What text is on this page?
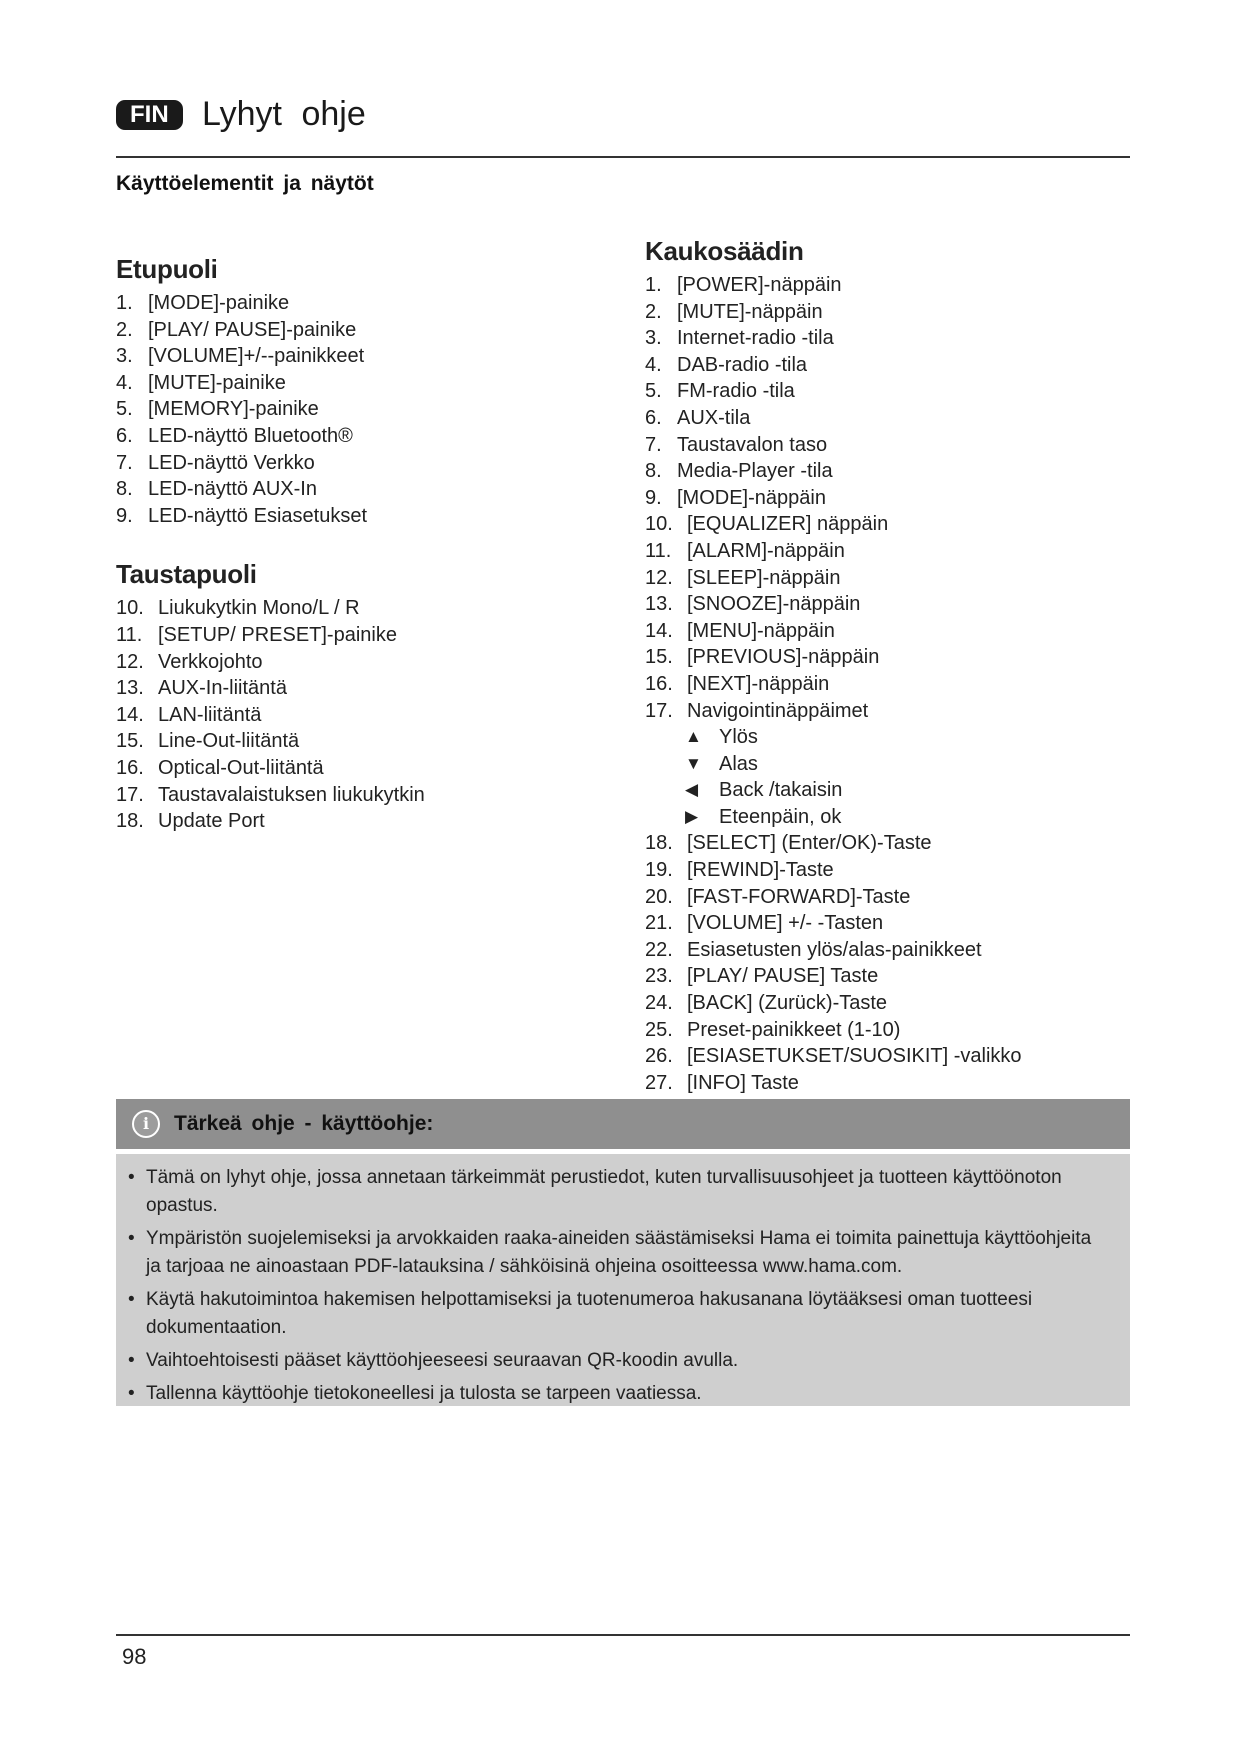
FIN Lyhyt ohje
Käyttöelementit ja näytöt
Etupuoli
1. [MODE]-painike
2. [PLAY/ PAUSE]-painike
3. [VOLUME]+/--painikkeet
4. [MUTE]-painike
5. [MEMORY]-painike
6. LED-näyttö Bluetooth®
7. LED-näyttö Verkko
8. LED-näyttö AUX-In
9. LED-näyttö Esiasetukset
Taustapuoli
10. Liukukytkin Mono/L / R
11. [SETUP/ PRESET]-painike
12. Verkkojohto
13. AUX-In-liitäntä
14. LAN-liitäntä
15. Line-Out-liitäntä
16. Optical-Out-liitäntä
17. Taustavalaistuksen liukukytkin
18. Update Port
Kaukosäädin
1. [POWER]-näppäin
2. [MUTE]-näppäin
3. Internet-radio -tila
4. DAB-radio -tila
5. FM-radio -tila
6. AUX-tila
7. Taustavalon taso
8. Media-Player -tila
9. [MODE]-näppäin
10. [EQUALIZER] näppäin
11. [ALARM]-näppäin
12. [SLEEP]-näppäin
13. [SNOOZE]-näppäin
14. [MENU]-näppäin
15. [PREVIOUS]-näppäin
16. [NEXT]-näppäin
17. Navigointinäppäimet
▲ Ylös
▼ Alas
◀	Back /takaisin
▶	Eteenpäin, ok
18. [SELECT] (Enter/OK)-Taste
19. [REWIND]-Taste
20. [FAST-FORWARD]-Taste
21. [VOLUME] +/- -Tasten
22. Esiasetusten ylös/alas-painikkeet
23. [PLAY/ PAUSE] Taste
24. [BACK] (Zurück)-Taste
25. Preset-painikkeet (1-10)
26. [ESIASETUKSET/SUOSIKIT] -valikko
27. [INFO] Taste
i	Tärkeä ohje - käyttöohje:
• Tämä on lyhyt ohje, jossa annetaan tärkeimmät perustiedot, kuten turvallisuusohjeet ja tuotteen käyttöönoton opastus.
• Ympäristön suojelemiseksi ja arvokkaiden raaka-aineiden säästämiseksi Hama ei toimita painettuja käyttöohjeita ja tarjoaa ne ainoastaan PDF-latauksina / sähköisinä ohjeina osoitteessa www.hama.com.
• Käytä hakutoimintoa hakemisen helpottamiseksi ja tuotenumeroa hakusanana löytääksesi oman tuotteesi dokumentaation.
• Vaihtoehtoisesti pääset käyttöohjeeseesi seuraavan QR-koodin avulla.
• Tallenna käyttöohje tietokoneellesi ja tulosta se tarpeen vaatiessa.
98
